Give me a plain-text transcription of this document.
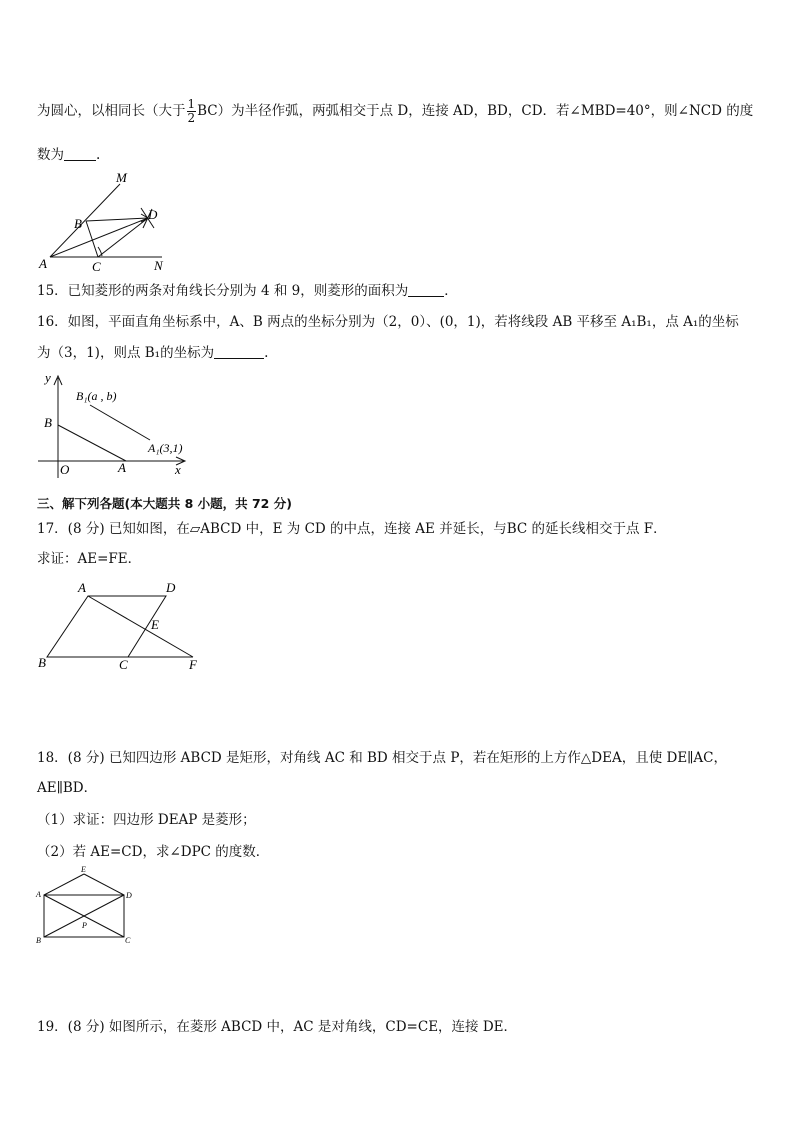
为圆心，以相同长（大于 $\frac{1}{2} BC$）为半径作弧，两弧相交于点 D，连接 AD，BD，CD．若∠MBD=40°，则∠NCD 的度
数为 .
M
B
D
A	C	N
15．已知菱形的两条对角线长分别为 4 和 9，则菱形的面积为	．
16．如图，平面直角坐标系中，A、B 两点的坐标分别为（2，0）、(0，1)，若将线段 AB 平移至 A₁B₁，点 A₁的坐标
为（3，1)，则点 B₁的坐标为	.
y
B₁(a , b)
B
A₁(3,1)
O	A	x
三、解下列各题(本大题共 8 小题，共 72 分)
17．(8 分) 已知如图，在▱ABCD 中，E 为 CD 的中点，连接 AE 并延长，与BC 的延长线相交于点 F．
求证：AE=FE．
A	D
E
B	C	F
18．(8 分) 已知四边形 ABCD 是矩形，对角线 AC 和 BD 相交于点 P，若在矩形的上方作△DEA，且使 DE∥AC，
AE∥BD．
（1）求证：四边形 DEAP 是菱形；
（2）若 AE=CD，求∠DPC 的度数．
E
A	D
P
B	C
19．(8 分) 如图所示，在菱形 ABCD 中，AC 是对角线，CD=CE，连接 DE．
